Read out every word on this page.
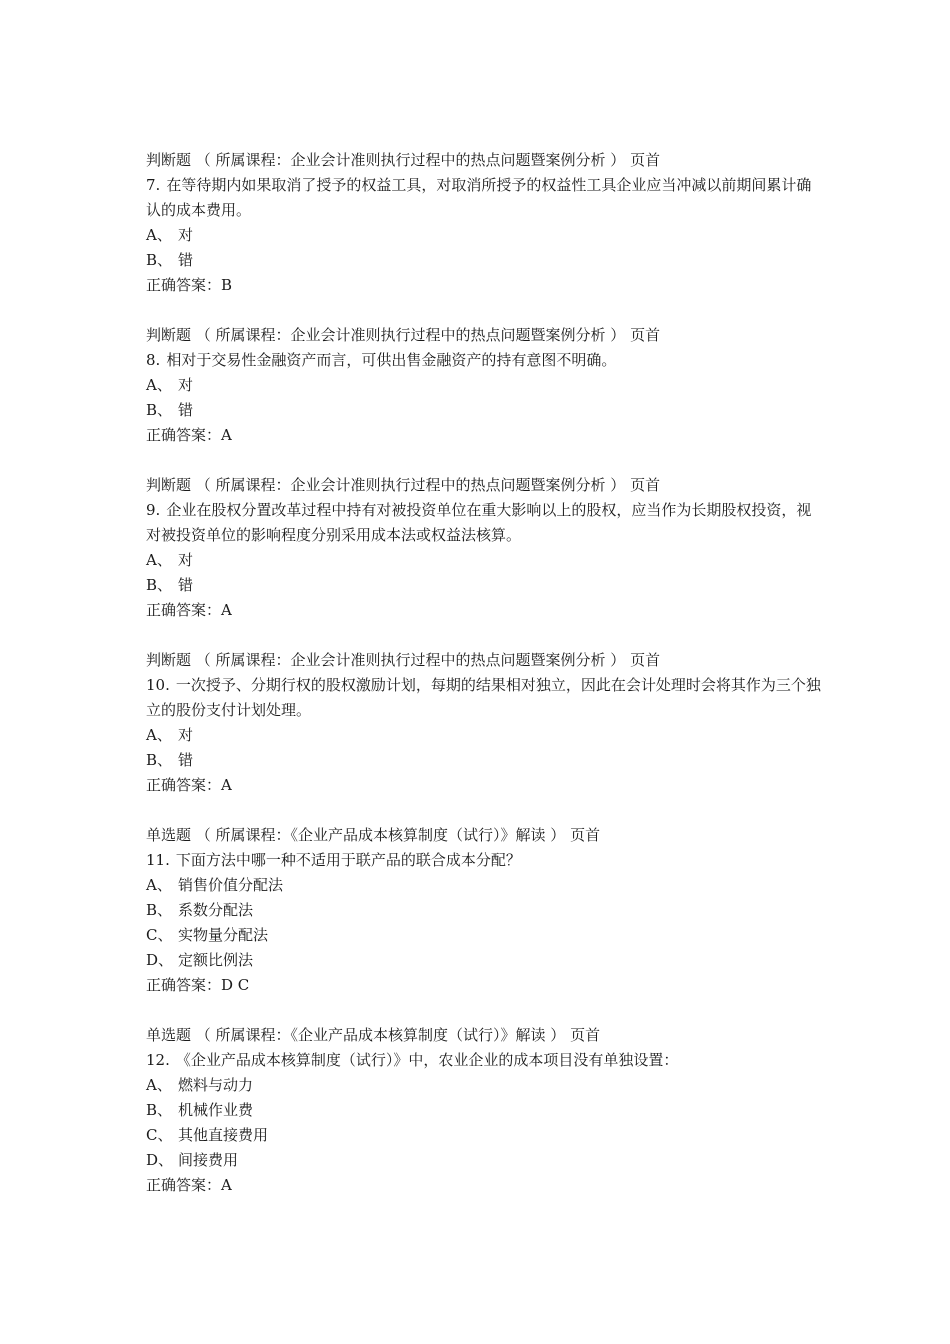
判断题 （ 所属课程：企业会计准则执行过程中的热点问题暨案例分析 ） 页首
7. 在等待期内如果取消了授予的权益工具，对取消所授予的权益性工具企业应当冲减以前期间累计确认的成本费用。
A、 对
B、 错
正确答案：B
判断题 （ 所属课程：企业会计准则执行过程中的热点问题暨案例分析 ） 页首
8. 相对于交易性金融资产而言，可供出售金融资产的持有意图不明确。
A、 对
B、 错
正确答案：A
判断题 （ 所属课程：企业会计准则执行过程中的热点问题暨案例分析 ） 页首
9. 企业在股权分置改革过程中持有对被投资单位在重大影响以上的股权，应当作为长期股权投资，视对被投资单位的影响程度分别采用成本法或权益法核算。
A、 对
B、 错
正确答案：A
判断题 （ 所属课程：企业会计准则执行过程中的热点问题暨案例分析 ） 页首
10. 一次授予、分期行权的股权激励计划，每期的结果相对独立，因此在会计处理时会将其作为三个独立的股份支付计划处理。
A、 对
B、 错
正确答案：A
单选题 （ 所属课程：《企业产品成本核算制度（试行）》解读 ） 页首
11. 下面方法中哪一种不适用于联产品的联合成本分配？
A、 销售价值分配法
B、 系数分配法
C、 实物量分配法
D、 定额比例法
正确答案：D C
单选题 （ 所属课程：《企业产品成本核算制度（试行）》解读 ） 页首
12. 《企业产品成本核算制度（试行）》中，农业企业的成本项目没有单独设置：
A、 燃料与动力
B、 机械作业费
C、 其他直接费用
D、 间接费用
正确答案：A
